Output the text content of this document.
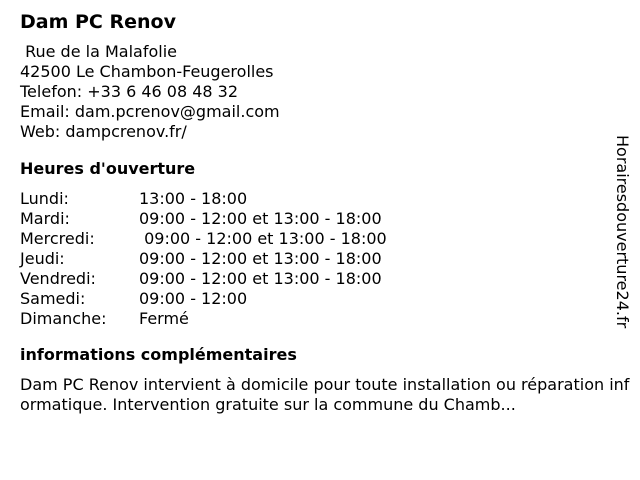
Dam PC Renov
Rue de la Malafolie
42500 Le Chambon-Feugerolles
Telefon: +33 6 46 08 48 32
Email: dam.pcrenov@gmail.com
Web: dampcrenov.fr/
Heures d'ouverture
Lundi:	13:00 - 18:00
Mardi:	09:00 - 12:00 et 13:00 - 18:00
Mercredi:	09:00 - 12:00 et 13:00 - 18:00
Jeudi:	09:00 - 12:00 et 13:00 - 18:00
Vendredi:	09:00 - 12:00 et 13:00 - 18:00
Samedi:	09:00 - 12:00
Dimanche: Fermé
informations complémentaires
Dam PC Renov intervient à domicile pour toute installation ou réparation informatique. Intervention gratuite sur la commune du Chamb...
Horairesdouverture24.fr
